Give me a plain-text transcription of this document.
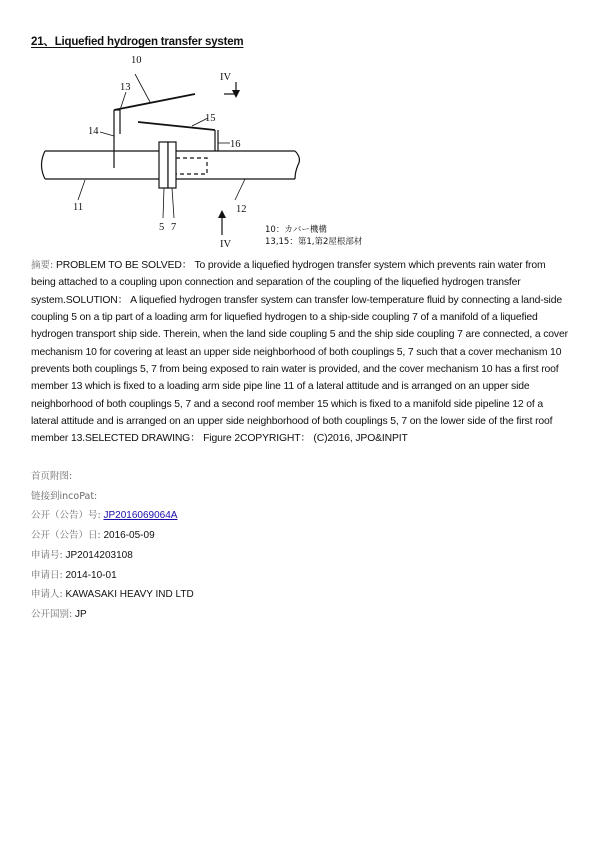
21、Liquefied hydrogen transfer system
10
13
14
15
16
11	12
5 7
IV
IV
10：カバー機構
13,15：第1,第2屋根部材

摘要: PROBLEM TO BE SOLVED： To provide a liquefied hydrogen transfer system which prevents rain water from being attached to a coupling upon connection and separation of the coupling of the liquefied hydrogen transfer system.SOLUTION： A liquefied hydrogen transfer system can transfer low-temperature fluid by connecting a land-side coupling 5 on a tip part of a loading arm for liquefied hydrogen to a ship-side coupling 7 of a manifold of a liquefied hydrogen transport ship side. Therein, when the land side coupling 5 and the ship side coupling 7 are connected, a cover mechanism 10 for covering at least an upper side neighborhood of both couplings 5, 7 such that a cover mechanism 10 prevents both couplings 5, 7 from being exposed to rain water is provided, and the cover mechanism 10 has a first roof member 13 which is fixed to a loading arm side pipe line 11 of a lateral attitude and is arranged on an upper side neighborhood of both couplings 5, 7 and a second roof member 15 which is fixed to a manifold side pipeline 12 of a lateral attitude and is arranged on an upper side neighborhood of both couplings 5, 7 on the lower side of the first roof member 13.SELECTED DRAWING： Figure 2COPYRIGHT： (C)2016, JPO&INPIT

首页附图:
链接到incoPat:
公开（公告）号: JP2016069064A
公开（公告）日: 2016-05-09
申请号: JP2014203108
申请日: 2014-10-01
申请人: KAWASAKI HEAVY IND LTD
公开国别: JP
